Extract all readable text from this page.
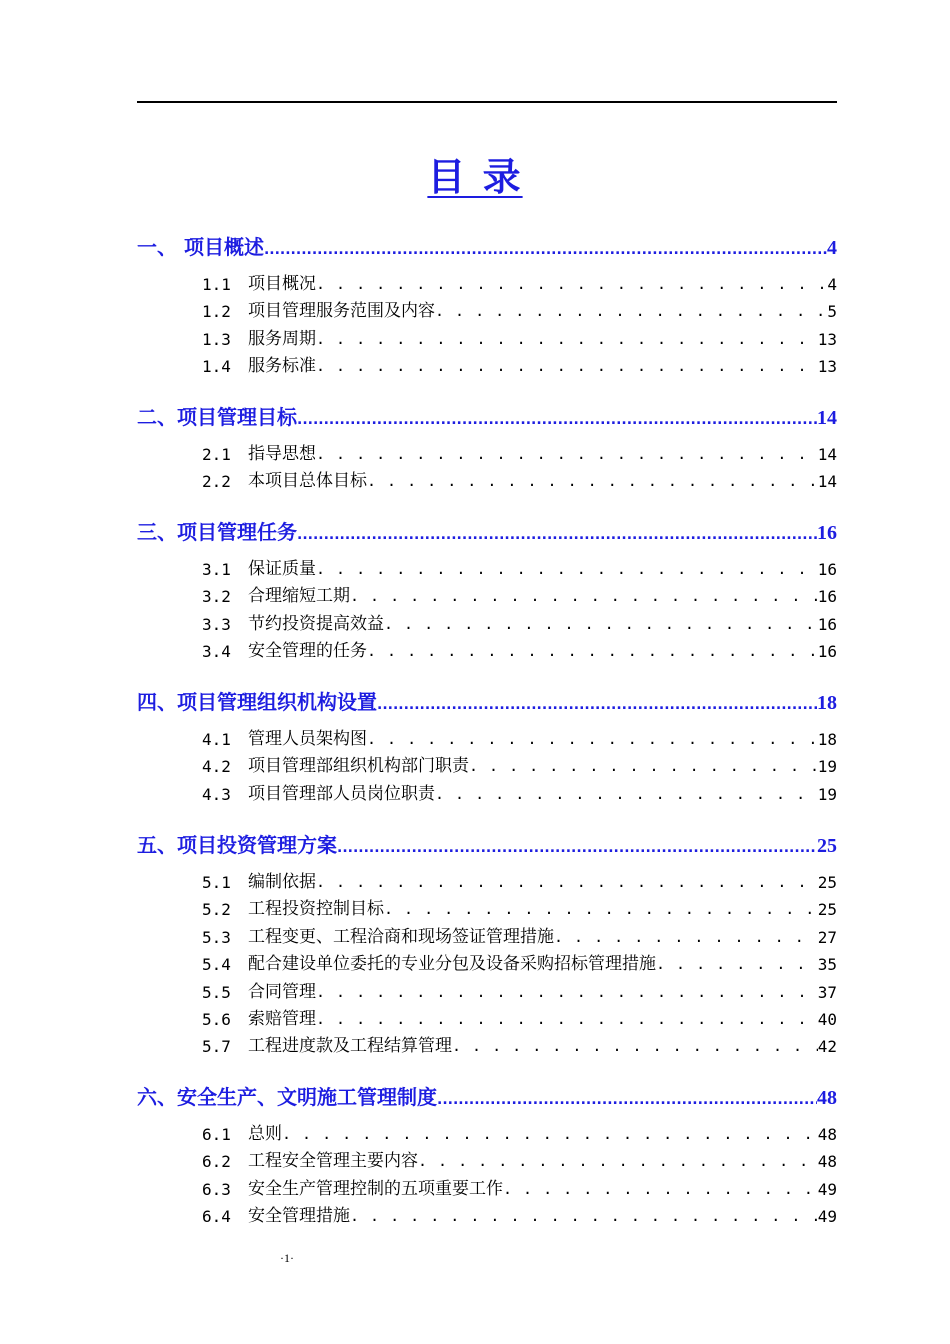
目 录
一、 项目概述 .....	4
1.1	项目概况 . . .	4
1.2	项目管理服务范围及内容 . . .	5
1.3	服务周期 . . .	13
1.4	服务标准 . . .	13
二、项目管理目标 .....	14
2.1	指导思想 . . .	14
2.2	本项目总体目标 . . .	14
三、项目管理任务 .....	16
3.1	保证质量 . . .	16
3.2	合理缩短工期 . . .	16
3.3	节约投资提高效益 . . .	16
3.4	安全管理的任务 . . .	16
四、项目管理组织机构设置 .....	18
4.1	管理人员架构图 . . .	18
4.2	项目管理部组织机构部门职责 . . .	19
4.3	项目管理部人员岗位职责 . . .	19
五、项目投资管理方案 .....	25
5.1	编制依据 . . .	25
5.2	工程投资控制目标 . . .	25
5.3	工程变更、工程洽商和现场签证管理措施 . . .	27
5.4	配合建设单位委托的专业分包及设备采购招标管理措施 . . .	35
5.5	合同管理 . . .	37
5.6	索赔管理 . . .	40
5.7	工程进度款及工程结算管理 . . .	42
六、安全生产、文明施工管理制度 .....	48
6.1	总则 . . .	48
6.2	工程安全管理主要内容 . . .	48
6.3	安全生产管理控制的五项重要工作 . . .	49
6.4	安全管理措施 . . .	49
·1·
